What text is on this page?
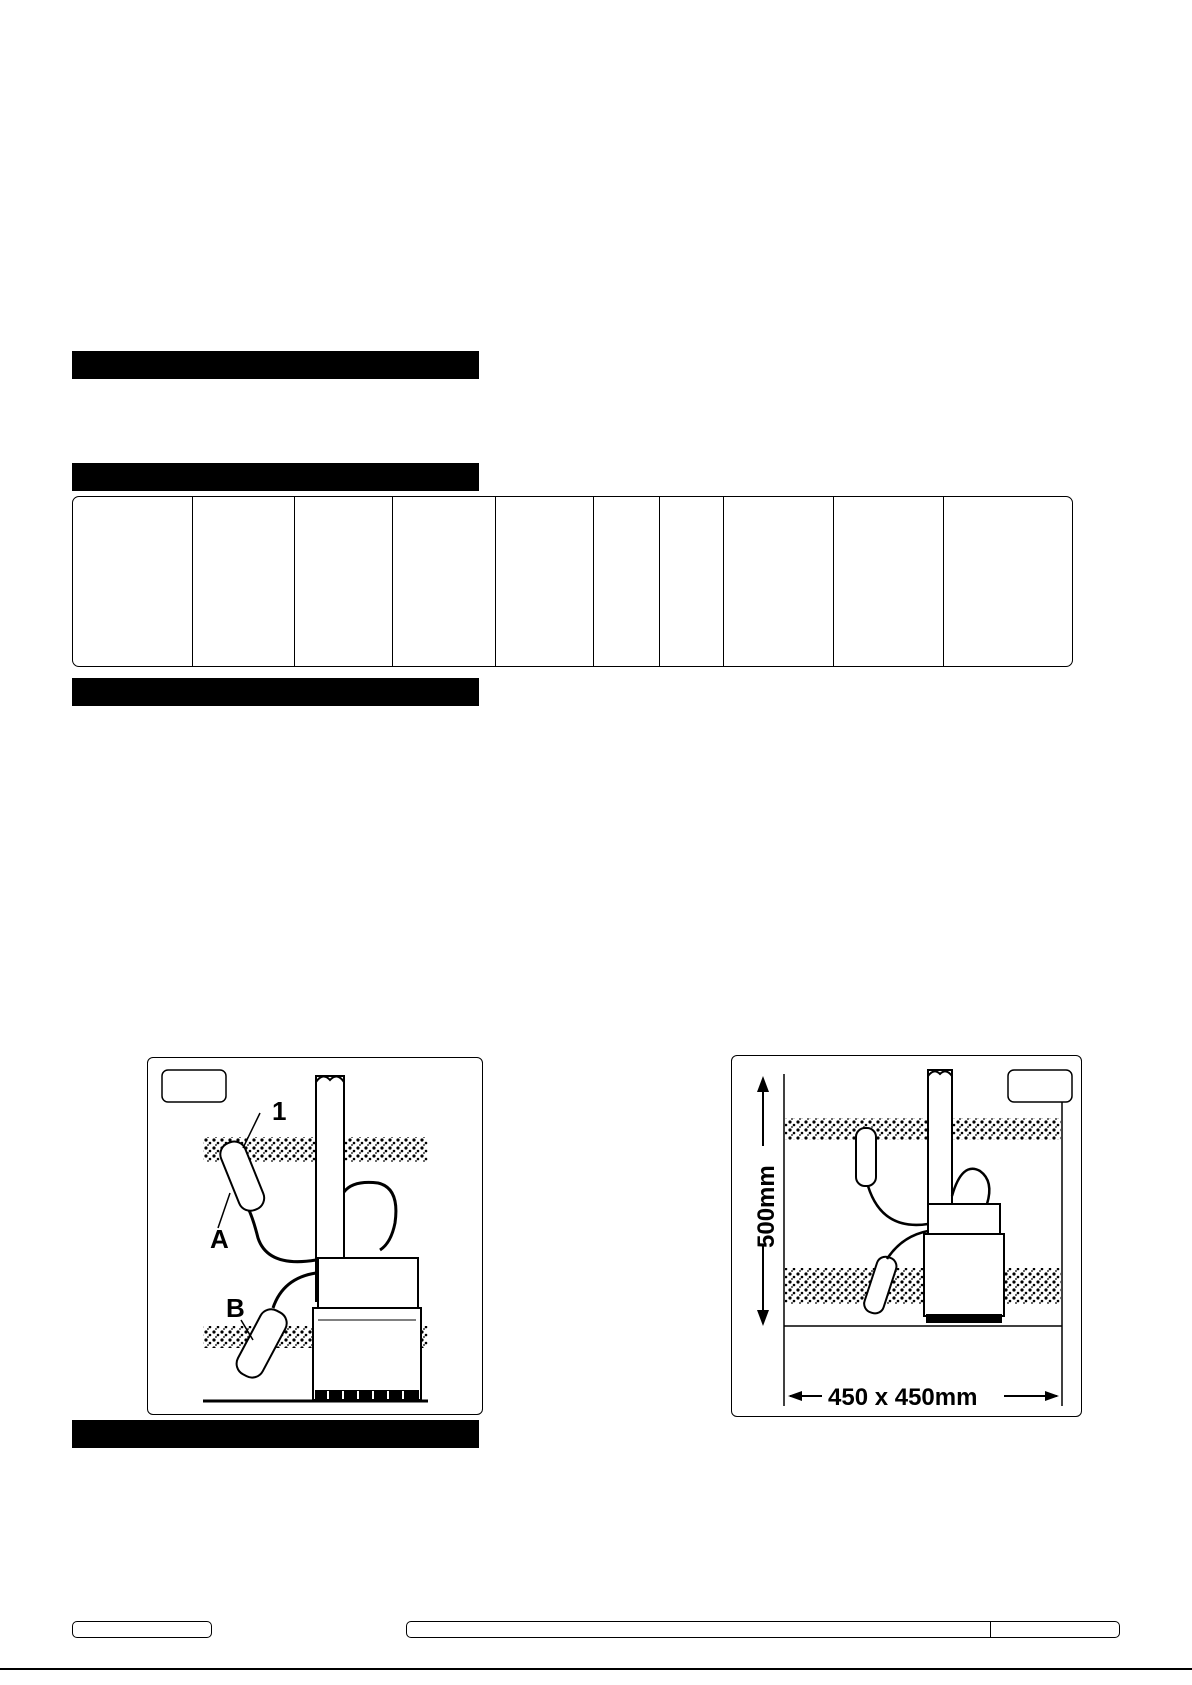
1
A
B
500mm
450 x 450mm
